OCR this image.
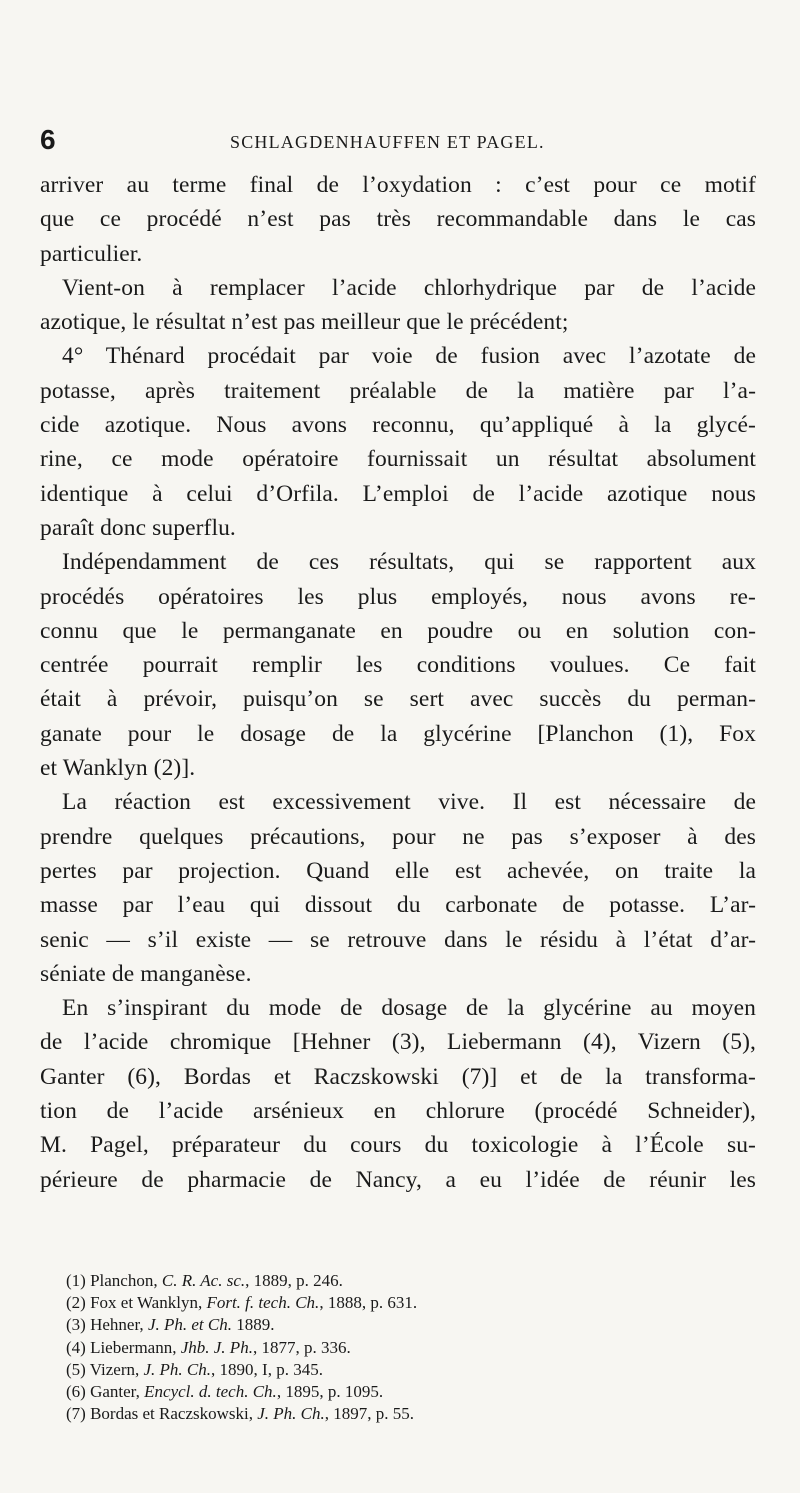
6	SCHLAGDENHAUFFEN ET PAGEL.
arriver au terme final de l’oxydation : c’est pour ce motif
que ce procédé n’est pas très recommandable dans le cas
particulier.
Vient-on à remplacer l’acide chlorhydrique par de l’acide
azotique, le résultat n’est pas meilleur que le précédent;
4° Thénard procédait par voie de fusion avec l’azotate de
potasse, après traitement préalable de la matière par l’a-
cide azotique. Nous avons reconnu, qu’appliqué à la glycé-
rine, ce mode opératoire fournissait un résultat absolument
identique à celui d’Orfila. L’emploi de l’acide azotique nous
paraît donc superflu.
Indépendamment de ces résultats, qui se rapportent aux
procédés opératoires les plus employés, nous avons re-
connu que le permanganate en poudre ou en solution con-
centrée pourrait remplir les conditions voulues. Ce fait
était à prévoir, puisqu’on se sert avec succès du perman-
ganate pour le dosage de la glycérine [Planchon (1), Fox
et Wanklyn (2)].
La réaction est excessivement vive. Il est nécessaire de
prendre quelques précautions, pour ne pas s’exposer à des
pertes par projection. Quand elle est achevée, on traite la
masse par l’eau qui dissout du carbonate de potasse. L’ar-
senic — s’il existe — se retrouve dans le résidu à l’état d’ar-
séniate de manganèse.
En s’inspirant du mode de dosage de la glycérine au moyen
de l’acide chromique [Hehner (3), Liebermann (4), Vizern (5),
Ganter (6), Bordas et Raczskowski (7)] et de la transforma-
tion de l’acide arsénieux en chlorure (procédé Schneider),
M. Pagel, préparateur du cours du toxicologie à l’École su-
périeure de pharmacie de Nancy, a eu l’idée de réunir les
(1) Planchon, C. R. Ac. sc., 1889, p. 246.
(2) Fox et Wanklyn, Fort. f. tech. Ch., 1888, p. 631.
(3) Hehner, J. Ph. et Ch. 1889.
(4) Liebermann, Jhb. J. Ph., 1877, p. 336.
(5) Vizern, J. Ph. Ch., 1890, I, p. 345.
(6) Ganter, Encycl. d. tech. Ch., 1895, p. 1095.
(7) Bordas et Raczskowski, J. Ph. Ch., 1897, p. 55.
